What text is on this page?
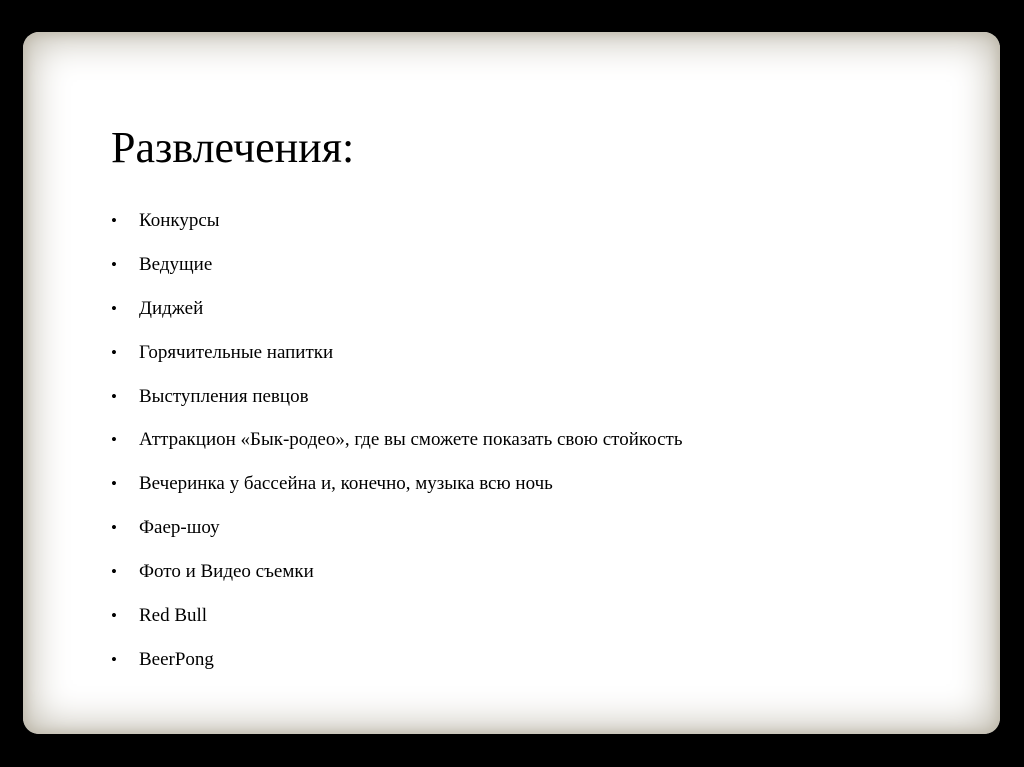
Развлечения:
•	Конкурсы
•	Ведущие
•	Диджей
•	Горячительные напитки
•	Выступления певцов
•	Аттракцион «Бык-родео», где вы сможете показать свою стойкость
•	Вечеринка у бассейна и, конечно, музыка всю ночь
•	Фаер-шоу
•	Фото и Видео съемки
•	Red Bull
•	BeerPong
